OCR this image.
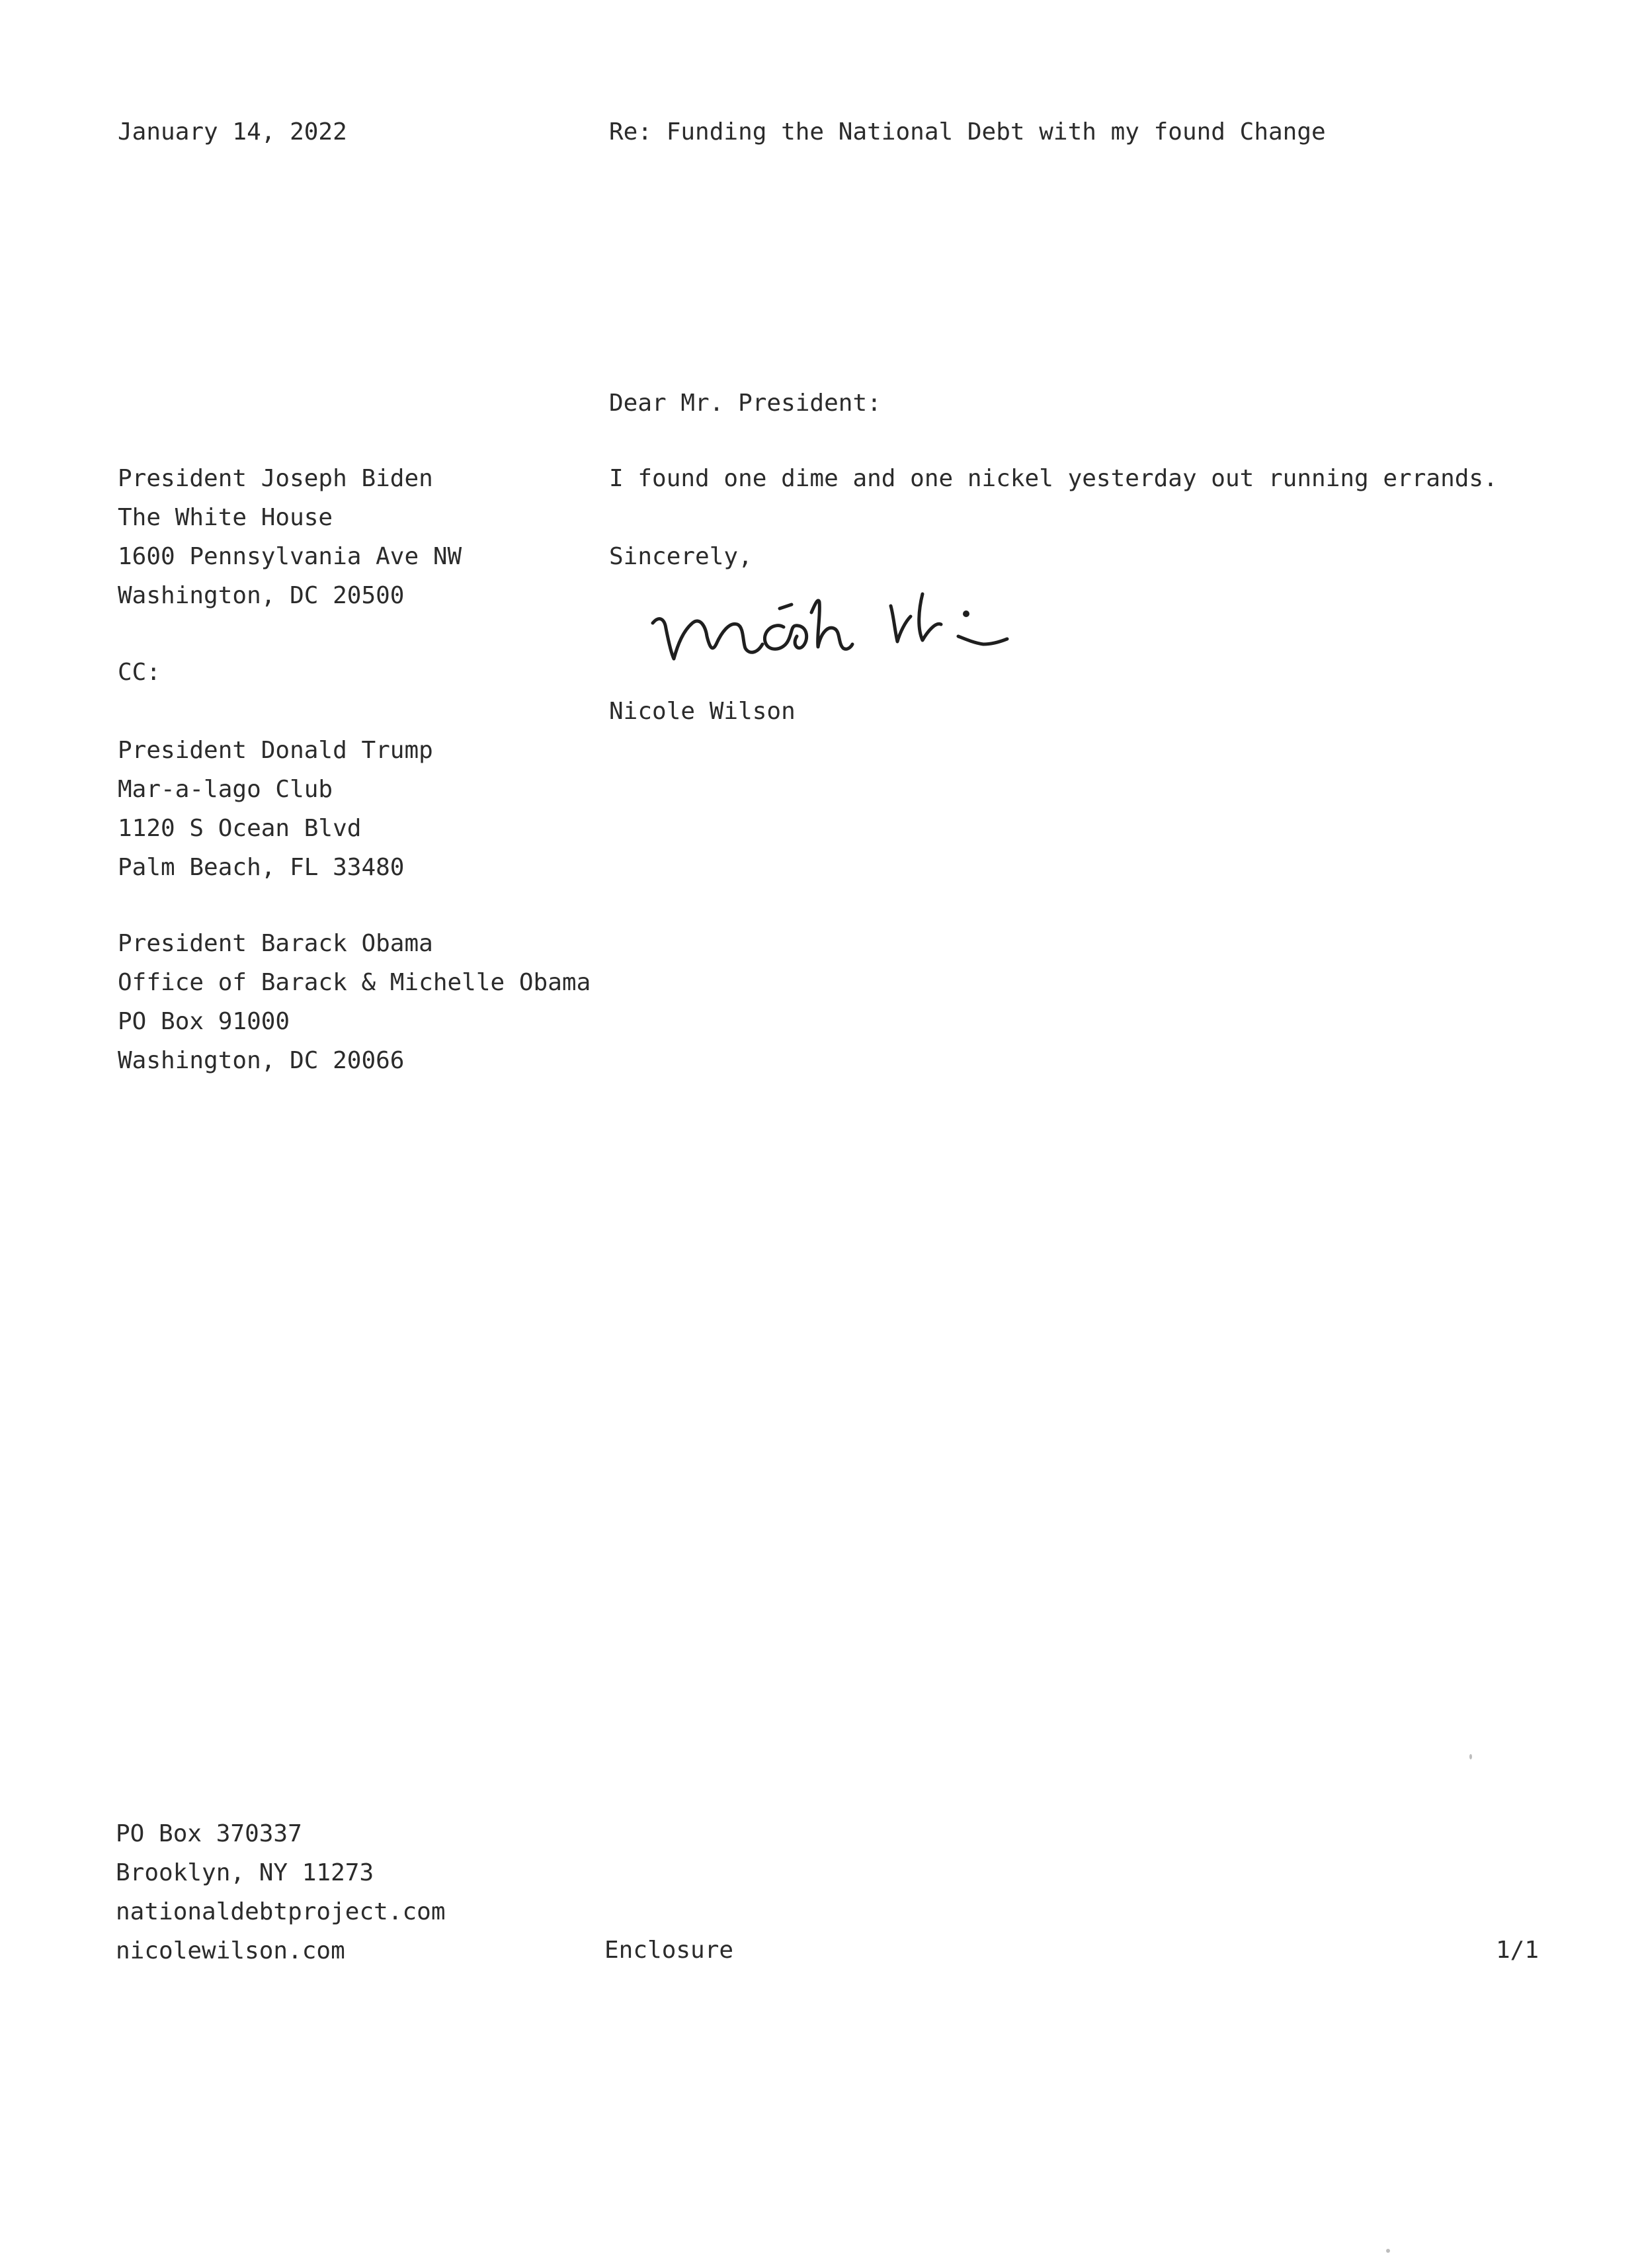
January 14, 2022	Re: Funding the National Debt with my found Change
Dear Mr. President:
President Joseph Biden
The White House
1600 Pennsylvania Ave NW
Washington, DC 20500
I found one dime and one nickel yesterday out running errands.
Sincerely,
Nicole Wilson
CC:
President Donald Trump
Mar-a-lago Club
1120 S Ocean Blvd
Palm Beach, FL 33480
President Barack Obama
Office of Barack & Michelle Obama
PO Box 91000
Washington, DC 20066
PO Box 370337
Brooklyn, NY 11273
nationaldebtproject.com
nicolewilson.com	Enclosure	1/1
